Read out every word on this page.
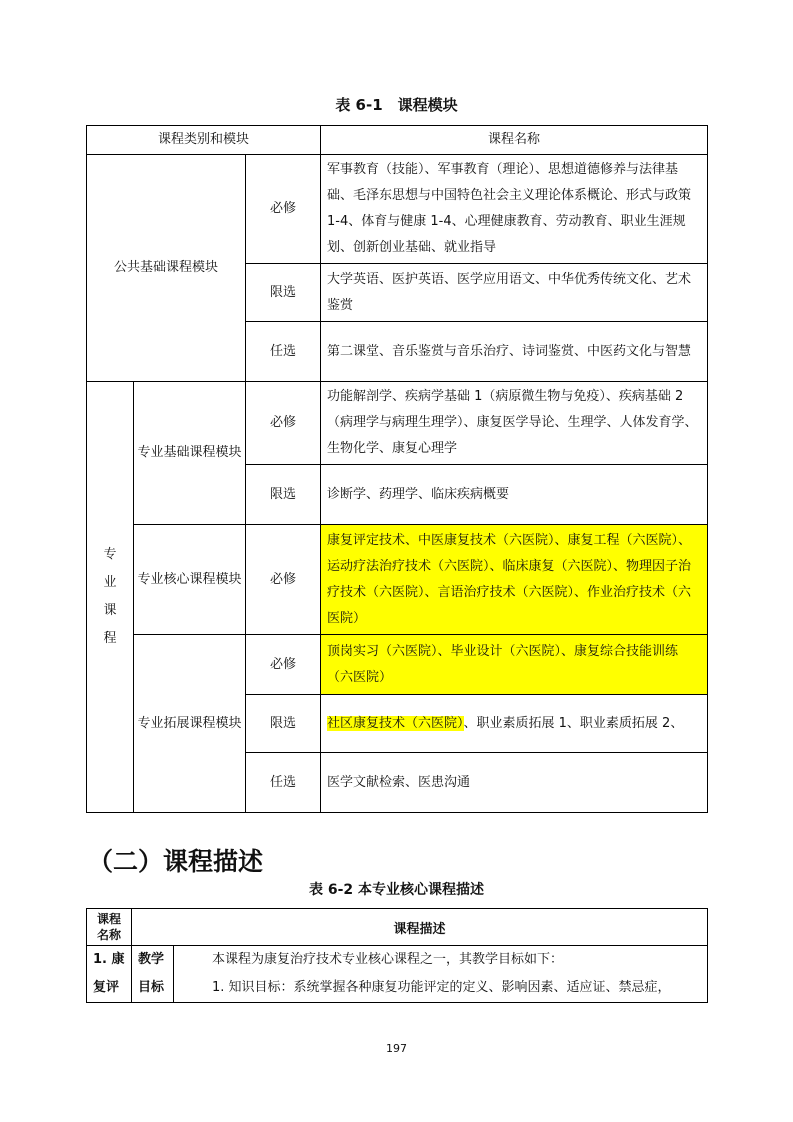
表 6-1　课程模块
课程类别和模块			课程名称
公共基础课程模块		必修	军事教育（技能）、军事教育（理论）、思想道德修养与法律基础、毛泽东思想与中国特色社会主义理论体系概论、形式与政策 1-4、体育与健康 1-4、心理健康教育、劳动教育、职业生涯规划、创新创业基础、就业指导
		限选	大学英语、医护英语、医学应用语文、中华优秀传统文化、艺术鉴赏
		任选	第二课堂、音乐鉴赏与音乐治疗、诗词鉴赏、中医药文化与智慧
专业课程	专业基础课程模块	必修	功能解剖学、疾病学基础 1（病原微生物与免疫）、疾病基础 2（病理学与病理生理学）、康复医学导论、生理学、人体发育学、生物化学、康复心理学
		限选	诊断学、药理学、临床疾病概要
	专业核心课程模块	必修	康复评定技术、中医康复技术（六医院）、康复工程（六医院）、运动疗法治疗技术（六医院）、临床康复（六医院）、物理因子治疗技术（六医院）、言语治疗技术（六医院）、作业治疗技术（六医院）
	专业拓展课程模块	必修	顶岗实习（六医院）、毕业设计（六医院）、康复综合技能训练（六医院）
		限选	社区康复技术（六医院）、职业素质拓展 1、职业素质拓展 2、
		任选	医学文献检索、医患沟通
（二）课程描述
表 6-2 本专业核心课程描述
课程名称	课程描述	
1. 康复评	教学目标	本课程为康复治疗技术专业核心课程之一，其教学目标如下：
1. 知识目标：系统掌握各种康复功能评定的定义、影响因素、适应证、禁忌症，
197
